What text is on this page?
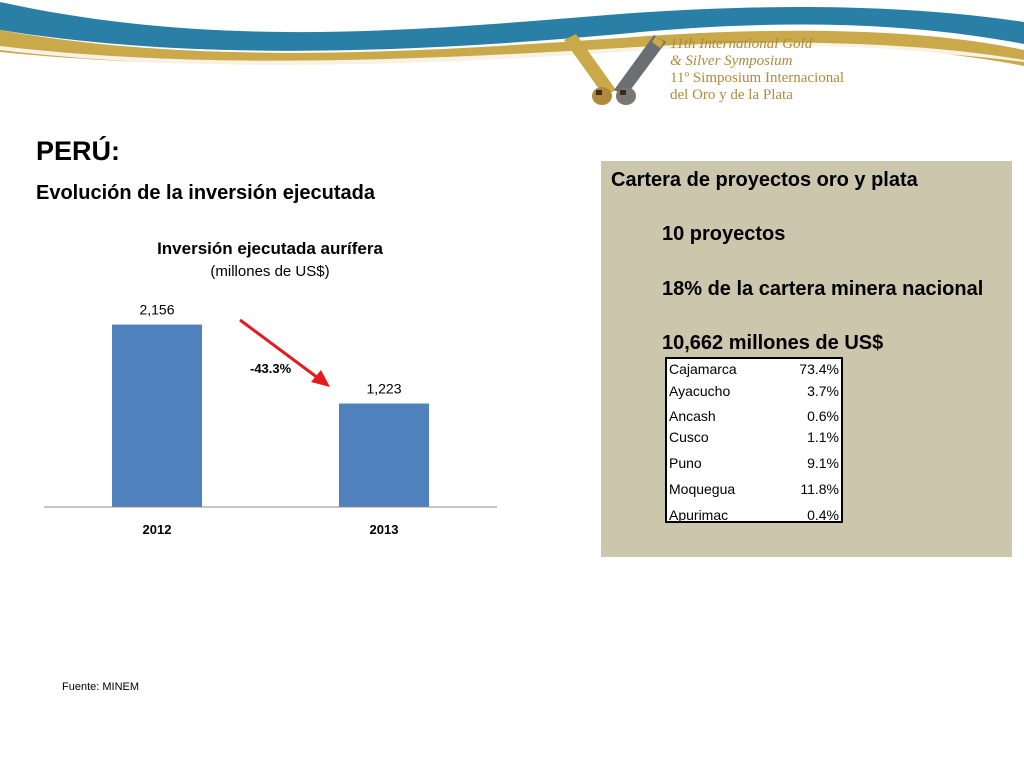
11th International Gold
& Silver Symposium
11º Simposium Internacional
del Oro y de la Plata
PERÚ:
Evolución de la inversión ejecutada
Inversión ejecutada aurífera
(millones de US$)
2,156
2012
1,223
2013
-43.3%
Cartera de proyectos oro y plata
10 proyectos
18% de la cartera minera nacional
10,662 millones de US$
Cajamarca	73.4%
Ayacucho	3.7%
Ancash	0.6%
Cusco	1.1%
Puno	9.1%
Moquegua	11.8%
Apurimac	0.4%
Fuente: MINEM
